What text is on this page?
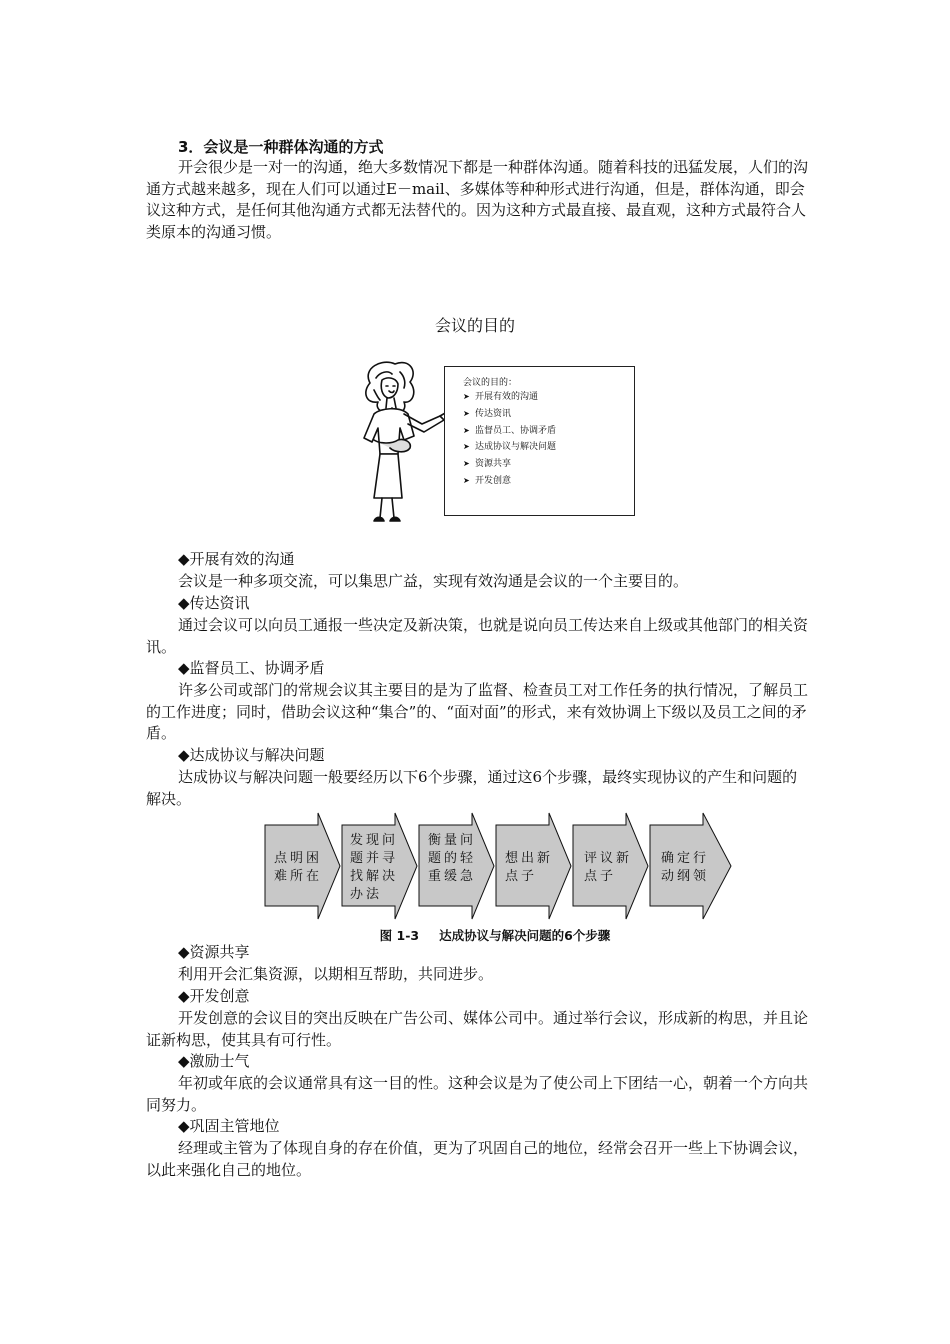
3．会议是一种群体沟通的方式

开会很少是一对一的沟通，绝大多数情况下都是一种群体沟通。随着科技的迅猛发展，人们的沟通方式越来越多，现在人们可以通过E－mail、多媒体等种种形式进行沟通，但是，群体沟通，即会议这种方式，是任何其他沟通方式都无法替代的。因为这种方式最直接、最直观，这种方式最符合人类原本的沟通习惯。

会议的目的
会议的目的：
➤ 开展有效的沟通
➤ 传达资讯
➤ 监督员工、协调矛盾
➤ 达成协议与解决问题
➤ 资源共享
➤ 开发创意
◆开展有效的沟通

会议是一种多项交流，可以集思广益，实现有效沟通是会议的一个主要目的。

◆传达资讯

通过会议可以向员工通报一些决定及新决策，也就是说向员工传达来自上级或其他部门的相关资讯。

◆监督员工、协调矛盾

许多公司或部门的常规会议其主要目的是为了监督、检查员工对工作任务的执行情况，了解员工的工作进度；同时，借助会议这种“集合”的、“面对面”的形式，来有效协调上下级以及员工之间的矛盾。

◆达成协议与解决问题

达成协议与解决问题一般要经历以下6个步骤，通过这6个步骤，最终实现协议的产生和问题的解决。

点明困难所在
发现问题并寻找解决办法
衡量问题的轻重缓急
想出新点子
评议新点子
确定行动纲领
图 1-3 达成协议与解决问题的6个步骤
◆资源共享

利用开会汇集资源，以期相互帮助，共同进步。

◆开发创意

开发创意的会议目的突出反映在广告公司、媒体公司中。通过举行会议，形成新的构思，并且论证新构思，使其具有可行性。

◆激励士气

年初或年底的会议通常具有这一目的性。这种会议是为了使公司上下团结一心，朝着一个方向共同努力。

◆巩固主管地位

经理或主管为了体现自身的存在价值，更为了巩固自己的地位，经常会召开一些上下协调会议，以此来强化自己的地位。
